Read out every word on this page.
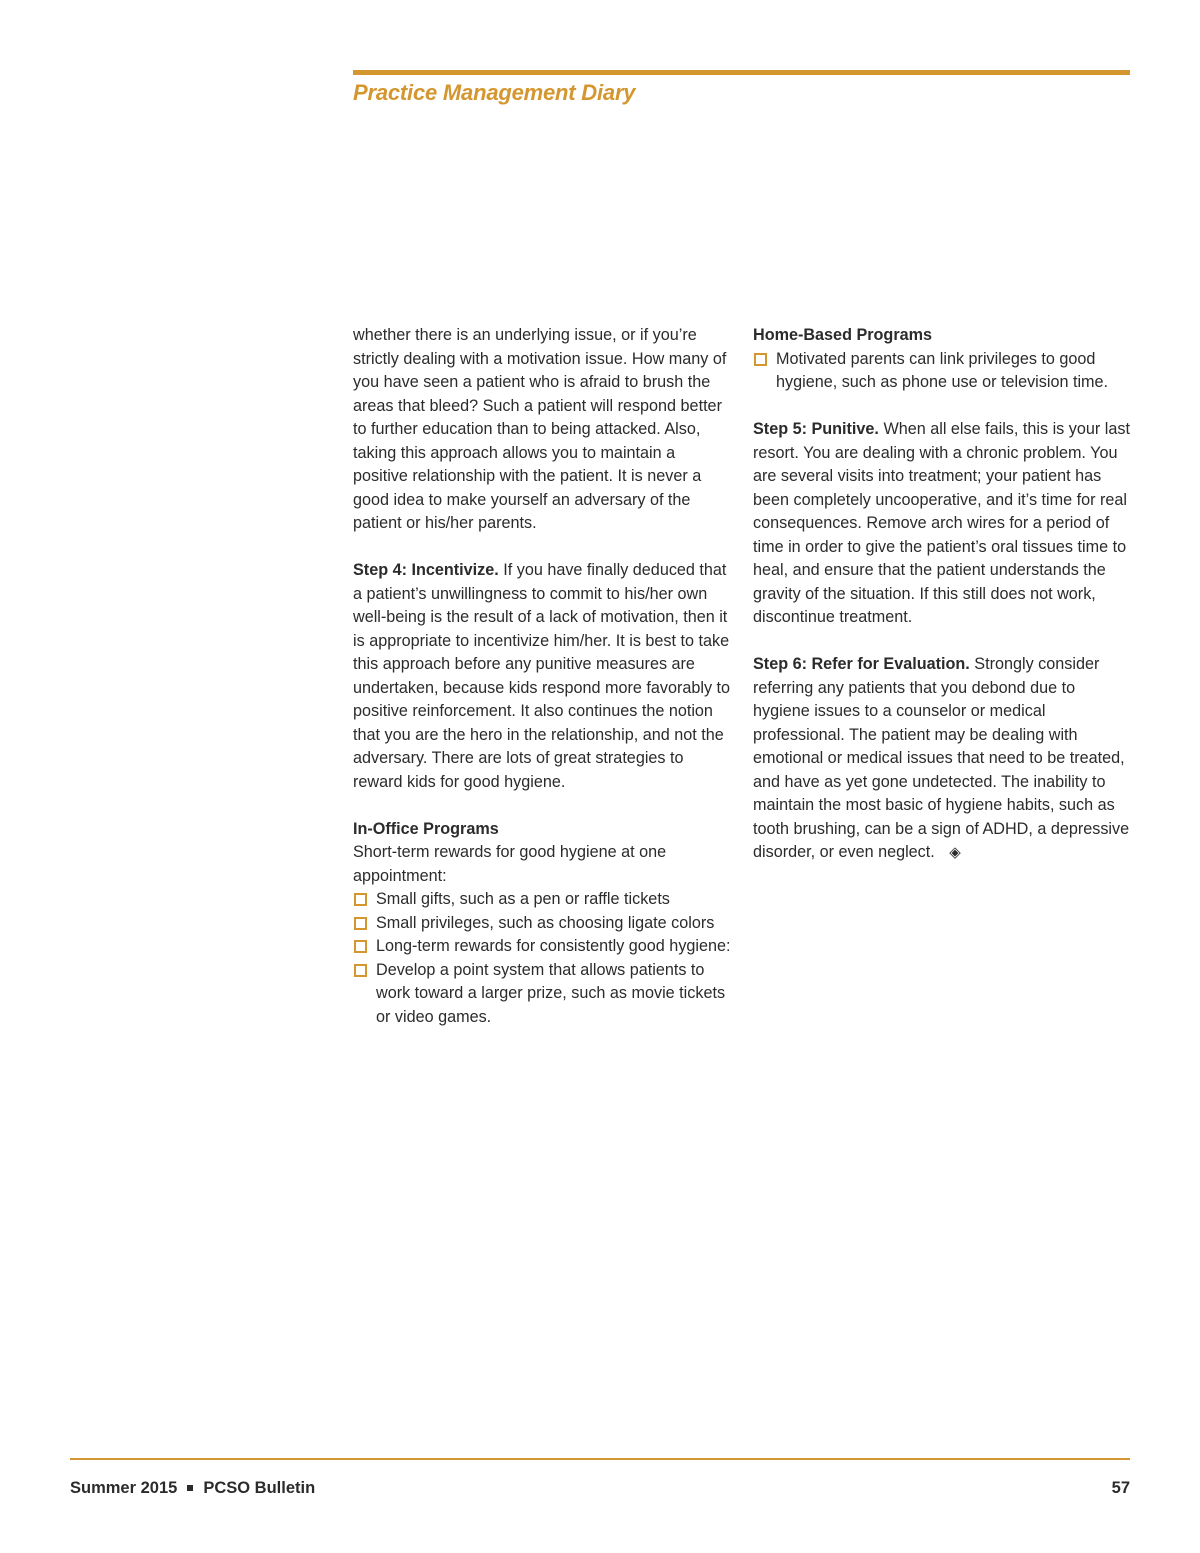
Practice Management Diary

whether there is an underlying issue, or if you’re strictly dealing with a motivation issue. How many of you have seen a patient who is afraid to brush the areas that bleed? Such a patient will respond better to further education than to being attacked. Also, taking this approach allows you to maintain a positive relationship with the patient. It is never a good idea to make yourself an adversary of the patient or his/her parents.

Step 4: Incentivize. If you have finally deduced that a patient’s unwillingness to commit to his/her own well-being is the result of a lack of motivation, then it is appropriate to incentivize him/her. It is best to take this approach before any punitive measures are undertaken, because kids respond more favorably to positive reinforcement. It also continues the notion that you are the hero in the relationship, and not the adversary. There are lots of great strategies to reward kids for good hygiene.

In-Office Programs
Short-term rewards for good hygiene at one appointment:
Small gifts, such as a pen or raffle tickets
Small privileges, such as choosing ligate colors
Long-term rewards for consistently good hygiene:
Develop a point system that allows patients to work toward a larger prize, such as movie tickets or video games.
Home-Based Programs
Motivated parents can link privileges to good hygiene, such as phone use or television time.

Step 5: Punitive. When all else fails, this is your last resort. You are dealing with a chronic problem. You are several visits into treatment; your patient has been completely uncooperative, and it’s time for real consequences. Remove arch wires for a period of time in order to give the patient’s oral tissues time to heal, and ensure that the patient understands the gravity of the situation. If this still does not work, discontinue treatment.

Step 6: Refer for Evaluation. Strongly consider referring any patients that you debond due to hygiene issues to a counselor or medical professional. The patient may be dealing with emotional or medical issues that need to be treated, and have as yet gone undetected. The inability to maintain the most basic of hygiene habits, such as tooth brushing, can be a sign of ADHD, a depressive disorder, or even neglect. ◈

Summer 2015 PCSO Bulletin	57
